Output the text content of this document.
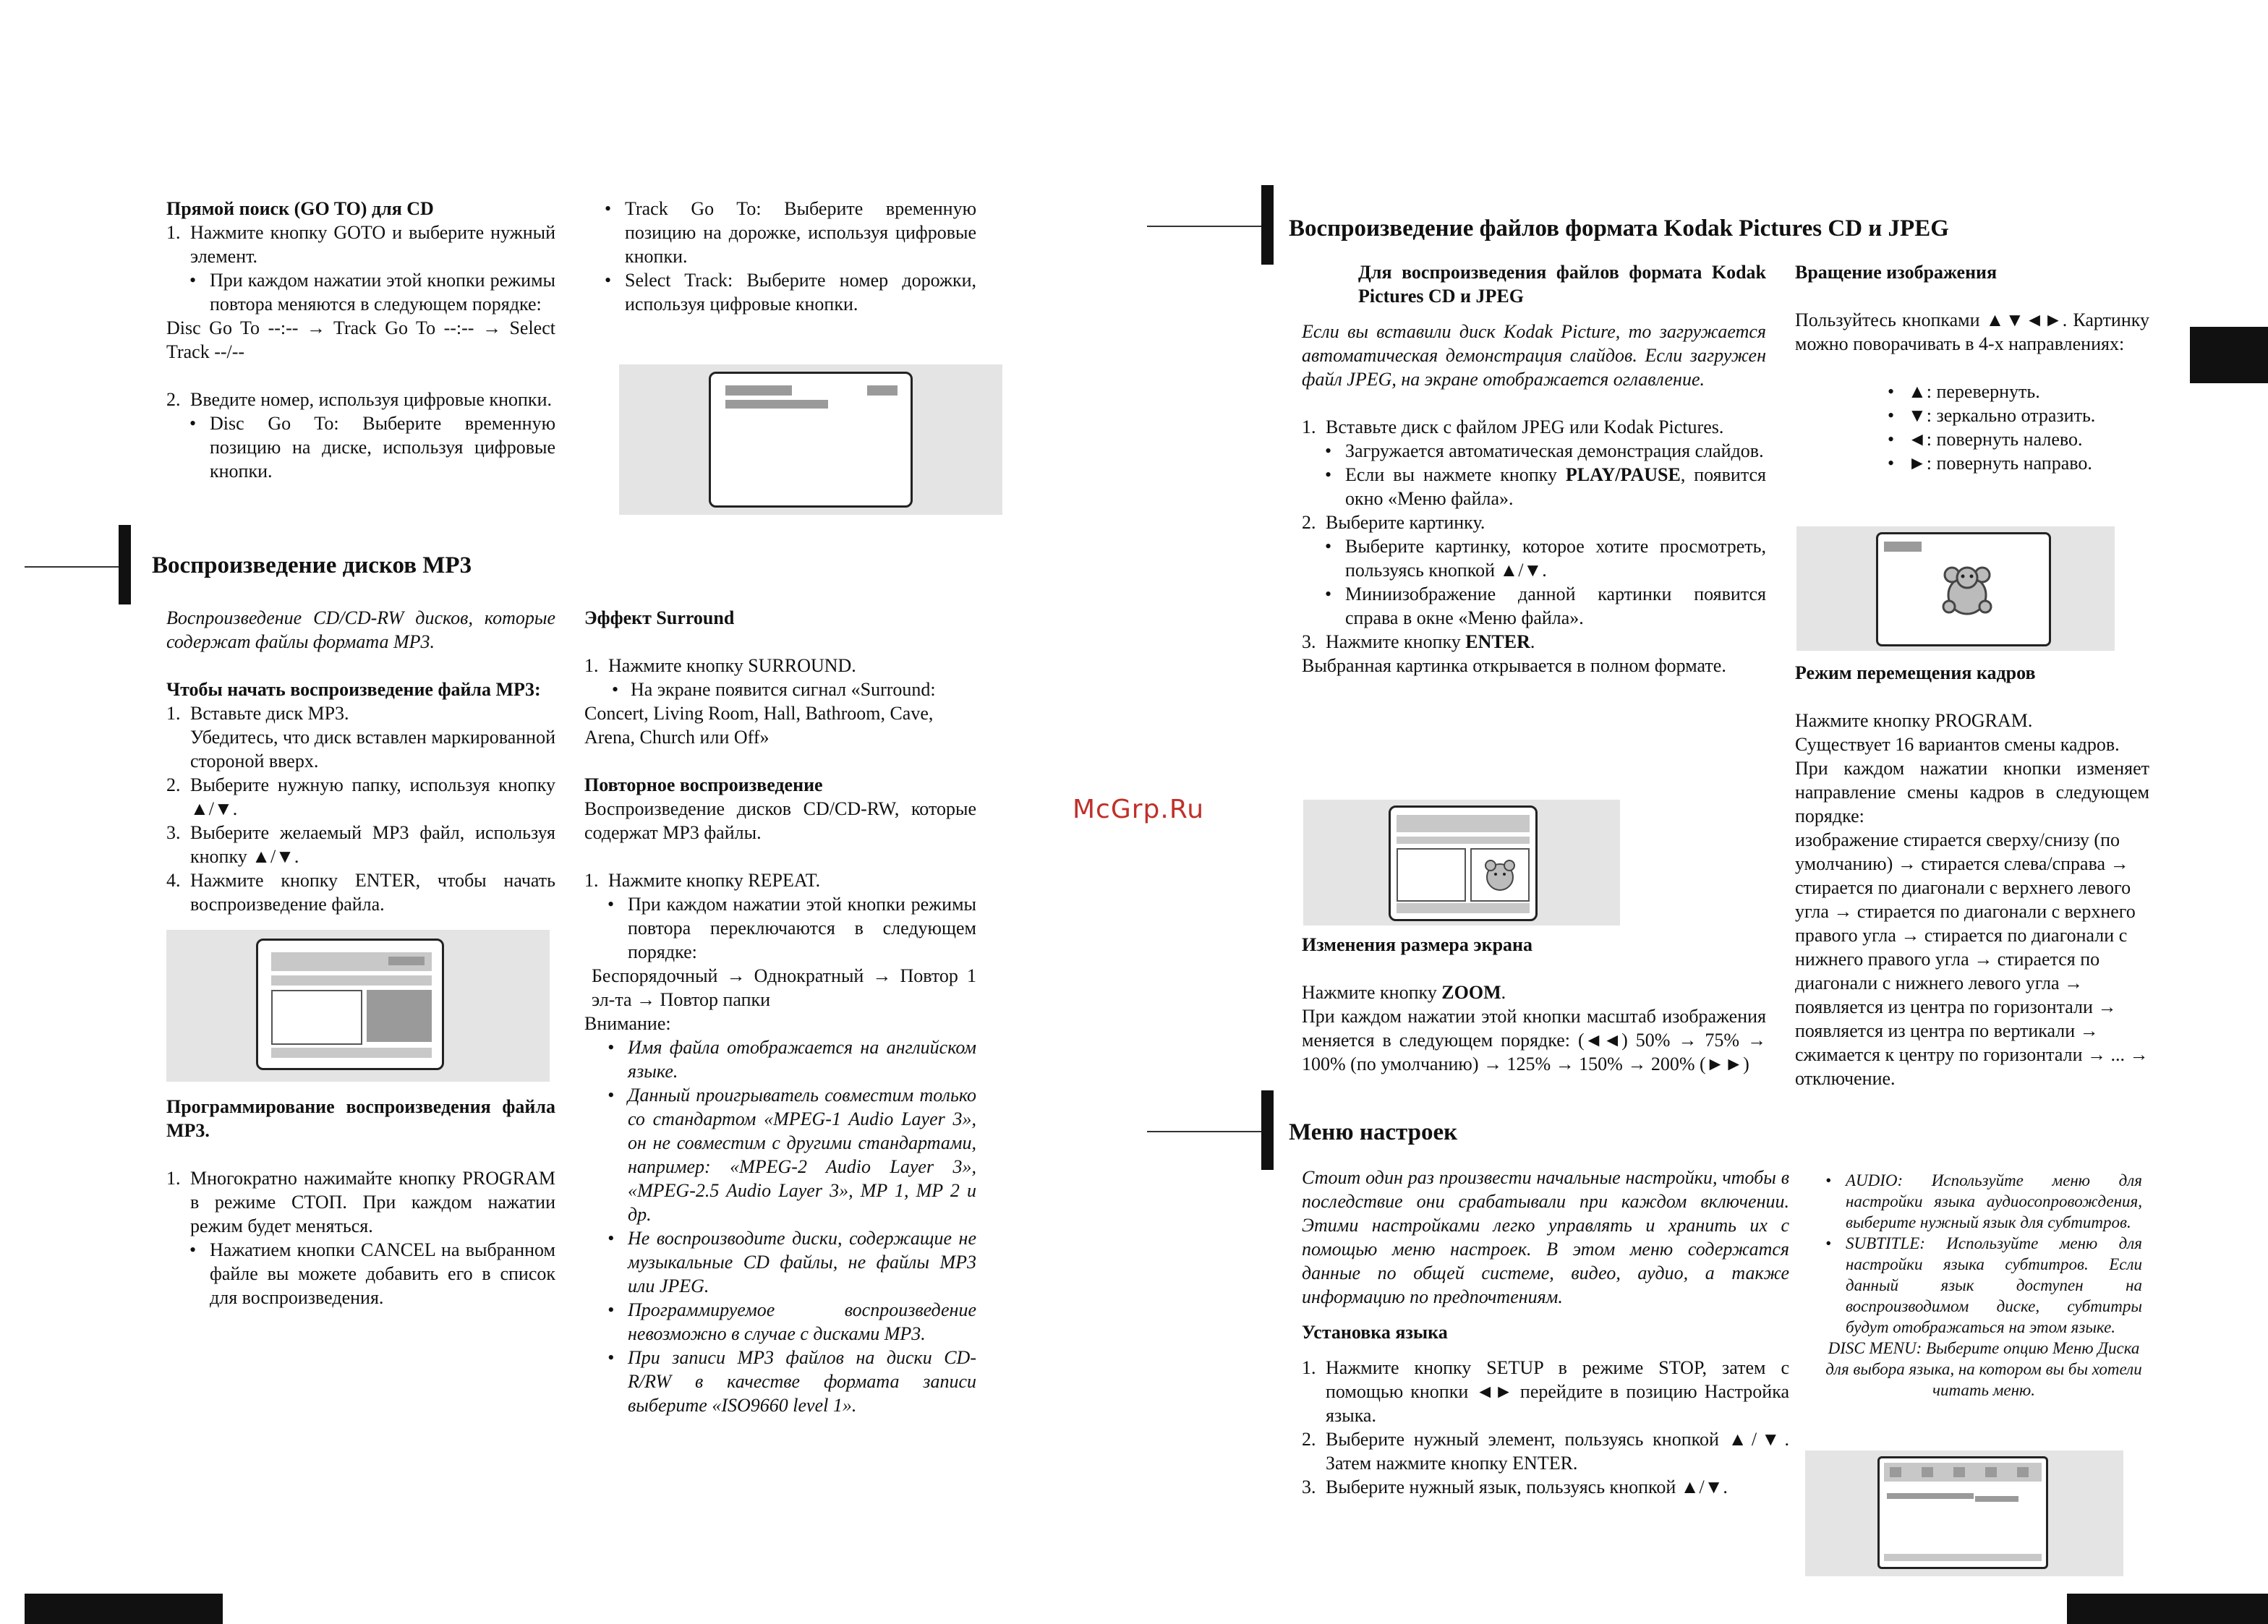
Прямой поиск (GO TO) для CD

1. Нажмите кнопку GOTO и выберите нужный элемент.
• При каждом нажатии этой кнопки режимы повтора меняются в следующем порядке:

Disc Go To --:-- → Track Go To --:-- → Select Track --/--

2. Введите номер, используя цифровые кнопки.
• Disc Go To: Выберите временную позицию на диске, используя цифровые кнопки.
• Track Go To: Выберите временную позицию на дорожке, используя цифровые кнопки.
• Select Track: Выберите номер дорожки, используя цифровые кнопки.

Воспроизведение дисков MP3

Воспроизведение CD/CD-RW дисков, которые содержат файлы формата MP3.

Чтобы начать воспроизведение файла MP3:

1. Вставьте диск MP3.
Убедитесь, что диск вставлен маркированной стороной вверх.
2. Выберите нужную папку, используя кнопку ▲/▼.
3. Выберите желаемый MP3 файл, используя кнопку ▲/▼.
4. Нажмите кнопку ENTER, чтобы начать воспроизведение файла.

Программирование воспроизведения файла MP3.

1. Многократно нажимайте кнопку PROGRAM в режиме СТОП. При каждом нажатии режим будет меняться.
• Нажатием кнопки CANCEL на выбранном файле вы можете добавить его в список для воспроизведения.

Эффект Surround

1. Нажмите кнопку SURROUND.
• На экране появится сигнал «Surround: Concert, Living Room, Hall, Bathroom, Cave, Arena, Church или Off»

Повторное воспроизведение

Воспроизведение дисков CD/CD-RW, которые содержат MP3 файлы.

1. Нажмите кнопку REPEAT.
• При каждом нажатии этой кнопки режимы повтора переключаются в следующем порядке:

Беспорядочный → Однократный → Повтор 1 эл-та → Повтор папки

Внимание:

• Имя файла отображается на английском языке.
• Данный проигрыватель совместим только со стандартом «MPEG-1 Audio Layer 3», он не совместим с другими стандартами, например: «MPEG-2 Audio Layer 3», «MPEG-2.5 Audio Layer 3», MP 1, MP 2 и др.
• Не воспроизводите диски, содержащие не музыкальные CD файлы, не файлы MP3 или JPEG.
• Программируемое воспроизведение невозможно в случае с дисками MP3.
• При записи MP3 файлов на диски CD-R/RW в качестве формата записи выберите «ISO9660 level 1».
McGrp.Ru

Воспроизведение файлов формата Kodak Pictures CD и JPEG

Для воспроизведения файлов формата Kodak Pictures CD и JPEG

Если вы вставили диск Kodak Picture, то загружается автоматическая демонстрация слайдов. Если загружен файл JPEG, на экране отображается оглавление.

1. Вставьте диск с файлом JPEG или Kodak Pictures.
• Загружается автоматическая демонстрация слайдов.
• Если вы нажмете кнопку PLAY/PAUSE, появится окно «Меню файла».
2. Выберите картинку.
• Выберите картинку, которое хотите просмотреть, пользуясь кнопкой ▲/▼.
• Миниизображение данной картинки появится справа в окне «Меню файла».
3. Нажмите кнопку ENTER.

Выбранная картинка открывается в полном формате.

Изменения размера экрана

Нажмите кнопку ZOOM.

При каждом нажатии этой кнопки масштаб изображения меняется в следующем порядке: (◄◄) 50% → 75% → 100% (по умолчанию) → 125% → 150% → 200% (►►)

Вращение изображения

Пользуйтесь кнопками ▲▼◄►. Картинку можно поворачивать в 4-х направлениях:

• ▲: перевернуть.
• ▼: зеркально отразить.
• ◄: повернуть налево.
• ►: повернуть направо.

Режим перемещения кадров

Нажмите кнопку PROGRAM.

Существует 16 вариантов смены кадров.

При каждом нажатии кнопки изменяет направление смены кадров в следующем порядке:

изображение стирается сверху/снизу (по умолчанию) → стирается слева/справа → стирается по диагонали с верхнего левого угла → стирается по диагонали с верхнего правого угла → стирается по диагонали с нижнего правого угла → стирается по диагонали с нижнего левого угла → появляется из центра по горизонтали → появляется из центра по вертикали → сжимается к центру по горизонтали → ... → отключение.

Меню настроек

Стоит один раз произвести начальные настройки, чтобы в последствие они срабатывали при каждом включении. Этими настройками легко управлять и хранить их с помощью меню настроек. В этом меню содержатся данные по общей системе, видео, аудио, а также информацию по предпочтениям.

Установка языка

1. Нажмите кнопку SETUP в режиме STOP, затем с помощью кнопки ◄► перейдите в позицию Настройка языка.
2. Выберите нужный элемент, пользуясь кнопкой ▲/▼. Затем нажмите кнопку ENTER.
3. Выберите нужный язык, пользуясь кнопкой ▲/▼.
• AUDIO: Используйте меню для настройки языка аудиосопровождения, выберите нужный язык для субтитров.
• SUBTITLE: Используйте меню для настройки языка субтитров. Если данный язык доступен на воспроизводимом диске, субтитры будут отображаться на этом языке.

DISC MENU: Выберите опцию Меню Диска для выбора языка, на котором вы бы хотели читать меню.
